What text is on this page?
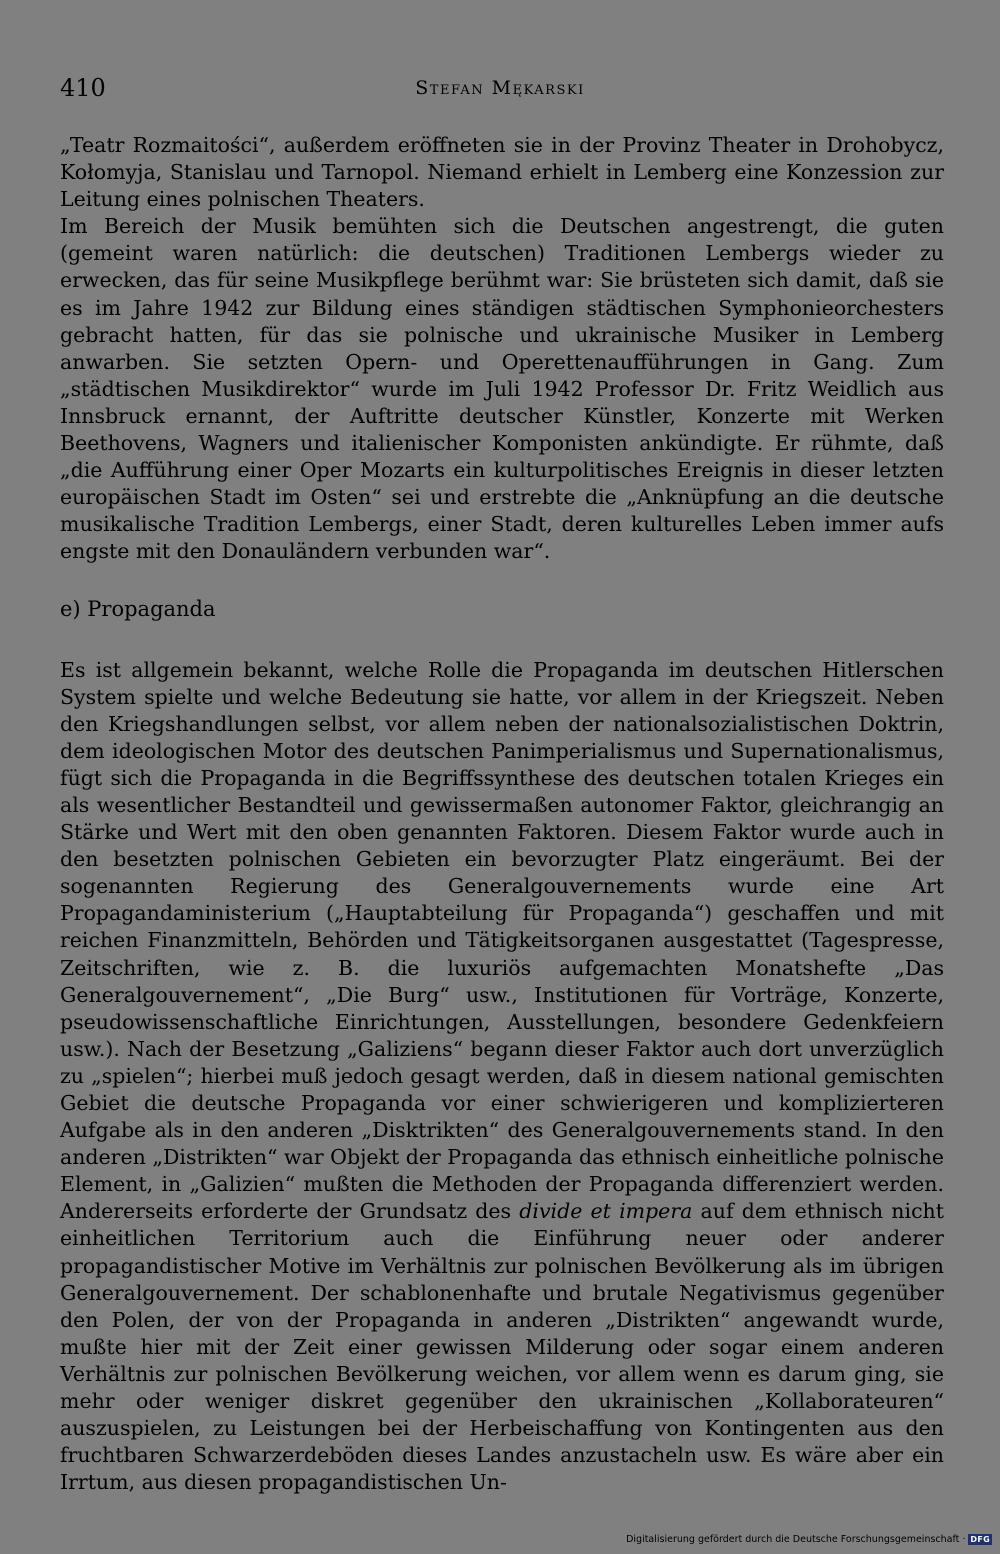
410	Stefan Mękarski

„Teatr Rozmaitości“, außerdem eröffneten sie in der Provinz Theater in Drohobycz, Kołomyja, Stanislau und Tarnopol. Niemand erhielt in Lemberg eine Konzession zur Leitung eines polnischen Theaters.

Im Bereich der Musik bemühten sich die Deutschen angestrengt, die guten (gemeint waren natürlich: die deutschen) Traditionen Lembergs wieder zu erwecken, das für seine Musikpflege berühmt war: Sie brüsteten sich damit, daß sie es im Jahre 1942 zur Bildung eines ständigen städtischen Symphonieorchesters gebracht hatten, für das sie polnische und ukrainische Musiker in Lemberg anwarben. Sie setzten Opern- und Operettenaufführungen in Gang. Zum „städtischen Musikdirektor“ wurde im Juli 1942 Professor Dr. Fritz Weidlich aus Innsbruck ernannt, der Auftritte deutscher Künstler, Konzerte mit Werken Beethovens, Wagners und italienischer Komponisten ankündigte. Er rühmte, daß „die Aufführung einer Oper Mozarts ein kulturpolitisches Ereignis in dieser letzten europäischen Stadt im Osten“ sei und erstrebte die „Anknüpfung an die deutsche musikalische Tradition Lembergs, einer Stadt, deren kulturelles Leben immer aufs engste mit den Donauländern verbunden war“.

e) Propaganda

Es ist allgemein bekannt, welche Rolle die Propaganda im deutschen Hitlerschen System spielte und welche Bedeutung sie hatte, vor allem in der Kriegszeit. Neben den Kriegshandlungen selbst, vor allem neben der nationalsozialistischen Doktrin, dem ideologischen Motor des deutschen Panimperialismus und Supernationalismus, fügt sich die Propaganda in die Begriffssynthese des deutschen totalen Krieges ein als wesentlicher Bestandteil und gewissermaßen autonomer Faktor, gleichrangig an Stärke und Wert mit den oben genannten Faktoren. Diesem Faktor wurde auch in den besetzten polnischen Gebieten ein bevorzugter Platz eingeräumt. Bei der sogenannten Regierung des Generalgouvernements wurde eine Art Propagandaministerium („Hauptabteilung für Propaganda“) geschaffen und mit reichen Finanzmitteln, Behörden und Tätigkeitsorganen ausgestattet (Tagespresse, Zeitschriften, wie z. B. die luxuriös aufgemachten Monatshefte „Das Generalgouvernement“, „Die Burg“ usw., Institutionen für Vorträge, Konzerte, pseudowissenschaftliche Einrichtungen, Ausstellungen, besondere Gedenkfeiern usw.). Nach der Besetzung „Galiziens“ begann dieser Faktor auch dort unverzüglich zu „spielen“; hierbei muß jedoch gesagt werden, daß in diesem national gemischten Gebiet die deutsche Propaganda vor einer schwierigeren und komplizierteren Aufgabe als in den anderen „Disktrikten“ des Generalgouvernements stand. In den anderen „Distrikten“ war Objekt der Propaganda das ethnisch einheitliche polnische Element, in „Galizien“ mußten die Methoden der Propaganda differenziert werden. Andererseits erforderte der Grundsatz des divide et impera auf dem ethnisch nicht einheitlichen Territorium auch die Einführung neuer oder anderer propagandistischer Motive im Verhältnis zur polnischen Bevölkerung als im übrigen Generalgouvernement. Der schablonenhafte und brutale Negativismus gegenüber den Polen, der von der Propaganda in anderen „Distrikten“ angewandt wurde, mußte hier mit der Zeit einer gewissen Milderung oder sogar einem anderen Verhältnis zur polnischen Bevölkerung weichen, vor allem wenn es darum ging, sie mehr oder weniger diskret gegenüber den ukrainischen „Kollaborateuren“ auszuspielen, zu Leistungen bei der Herbeischaffung von Kontingenten aus den fruchtbaren Schwarzerdeböden dieses Landes anzustacheln usw. Es wäre aber ein Irrtum, aus diesen propagandistischen Un-

Digitalisierung gefördert durch die Deutsche Forschungsgemeinschaft · DFG
